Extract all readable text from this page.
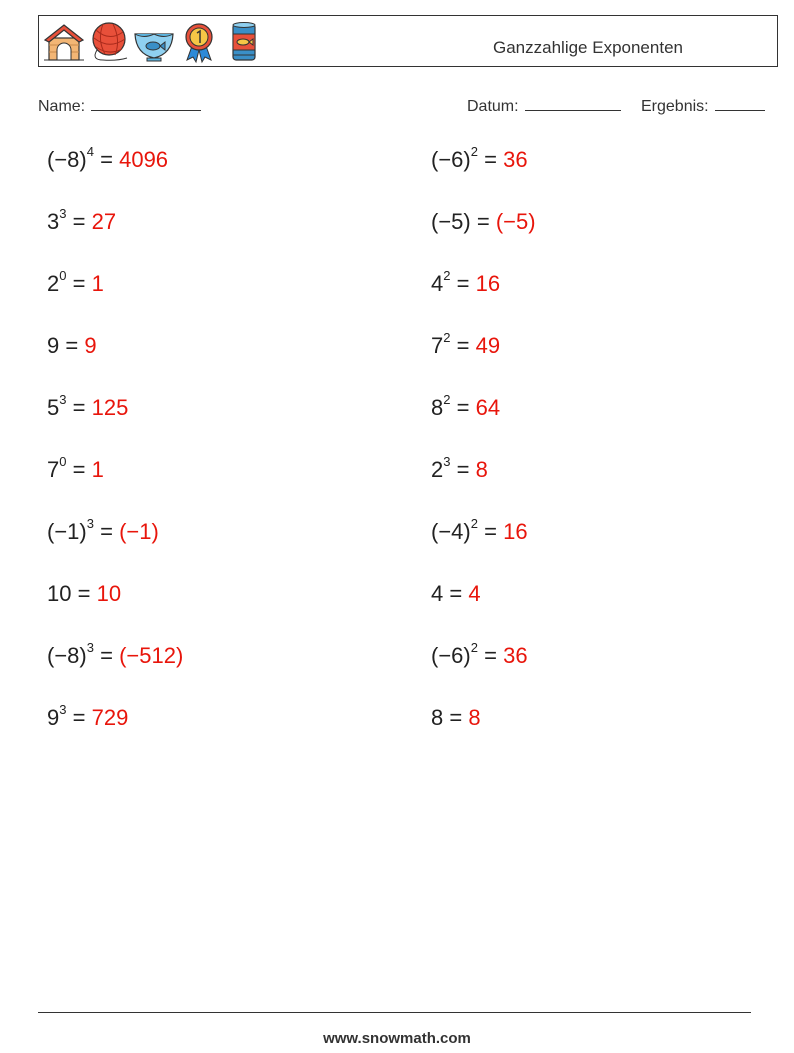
Ganzzahlige Exponenten
Name:	Datum:	Ergebnis:
$(-8)^4 = 4096$	$(-6)^2 = 36$
$3^3 = 27$	(−5) = (−5)
$2^0 = 1$	$4^2 = 16$
9 = 9	$7^2 = 49$
$5^3 = 125$	$8^2 = 64$
$7^0 = 1$	$2^3 = 8$
$(-1)^3 = (-1)$	$(-4)^2 = 16$
10 = 10	4 = 4
$(-8)^3 = (-512)$	$(-6)^2 = 36$
$9^3 = 729$	8 = 8
www.snowmath.com
